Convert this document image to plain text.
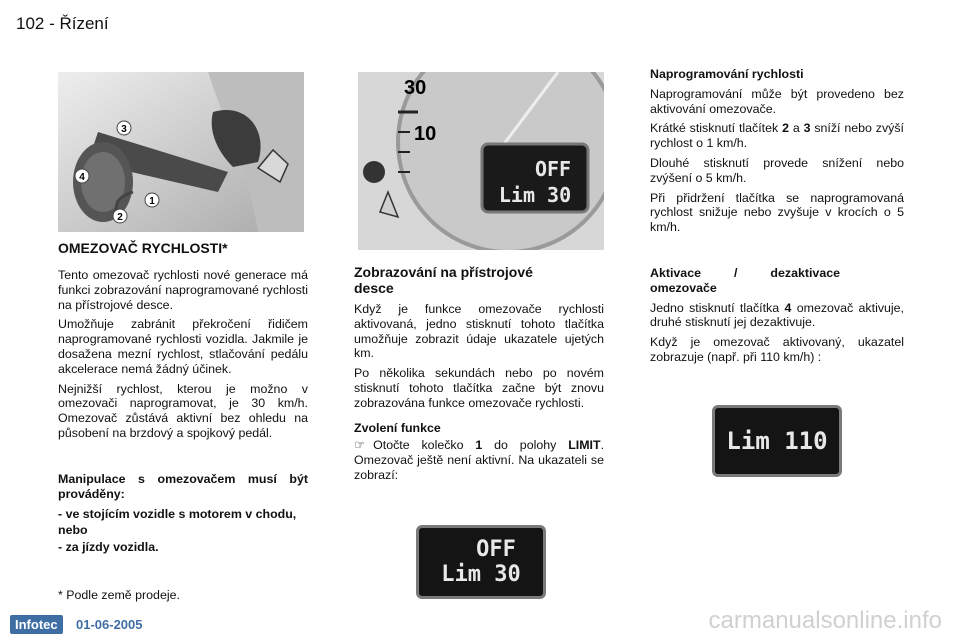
102 - Řízení
3
4
1
2
30
10
OFF
Lim 30
OMEZOVAČ RYCHLOSTI*

Tento omezovač rychlosti nové generace má funkci zobrazování naprogramované rychlosti na přístrojové desce.

Umožňuje zabránit překročení řidičem naprogramované rychlosti vozidla. Jakmile je dosažena mezní rychlost, stlačování pedálu akcelerace nemá žádný účinek.

Nejnižší rychlost, kterou je možno v omezovači naprogramovat, je 30 km/h. Omezovač zůstává aktivní bez ohledu na působení na brzdový a spojkový pedál.

Manipulace s omezovačem musí být prováděny:

- ve stojícím vozidle s motorem v chodu,

nebo

- za jízdy vozidla.

* Podle země prodeje.
Zobrazování na přístrojové desce

Když je funkce omezovače rychlosti aktivovaná, jedno stisknutí tohoto tlačítka umožňuje zobrazit údaje ukazatele ujetých km.

Po několika sekundách nebo po novém stisknutí tohoto tlačítka začne být znovu zobrazována funkce omezovače rychlosti.

Zvolení funkce
☞ Otočte kolečko 1 do polohy LIMIT. Omezovač ještě není aktivní. Na ukazateli se zobrazí:
OFF
Lim 30

Naprogramování rychlosti

Naprogramování může být provedeno bez aktivování omezovače.

Krátké stisknutí tlačítek 2 a 3 sníží nebo zvýší rychlost o 1 km/h.

Dlouhé stisknutí provede snížení nebo zvýšení o 5 km/h.

Při přidržení tlačítka se naprogramovaná rychlost snižuje nebo zvyšuje v krocích o 5 km/h.

Aktivace / dezaktivace omezovače

Jedno stisknutí tlačítka 4 omezovač aktivuje, druhé stisknutí jej dezaktivuje.

Když je omezovač aktivovaný, ukazatel zobrazuje (např. při 110 km/h) :

Lim 110
Infotec	01-06-2005	carmanualsonline.info
